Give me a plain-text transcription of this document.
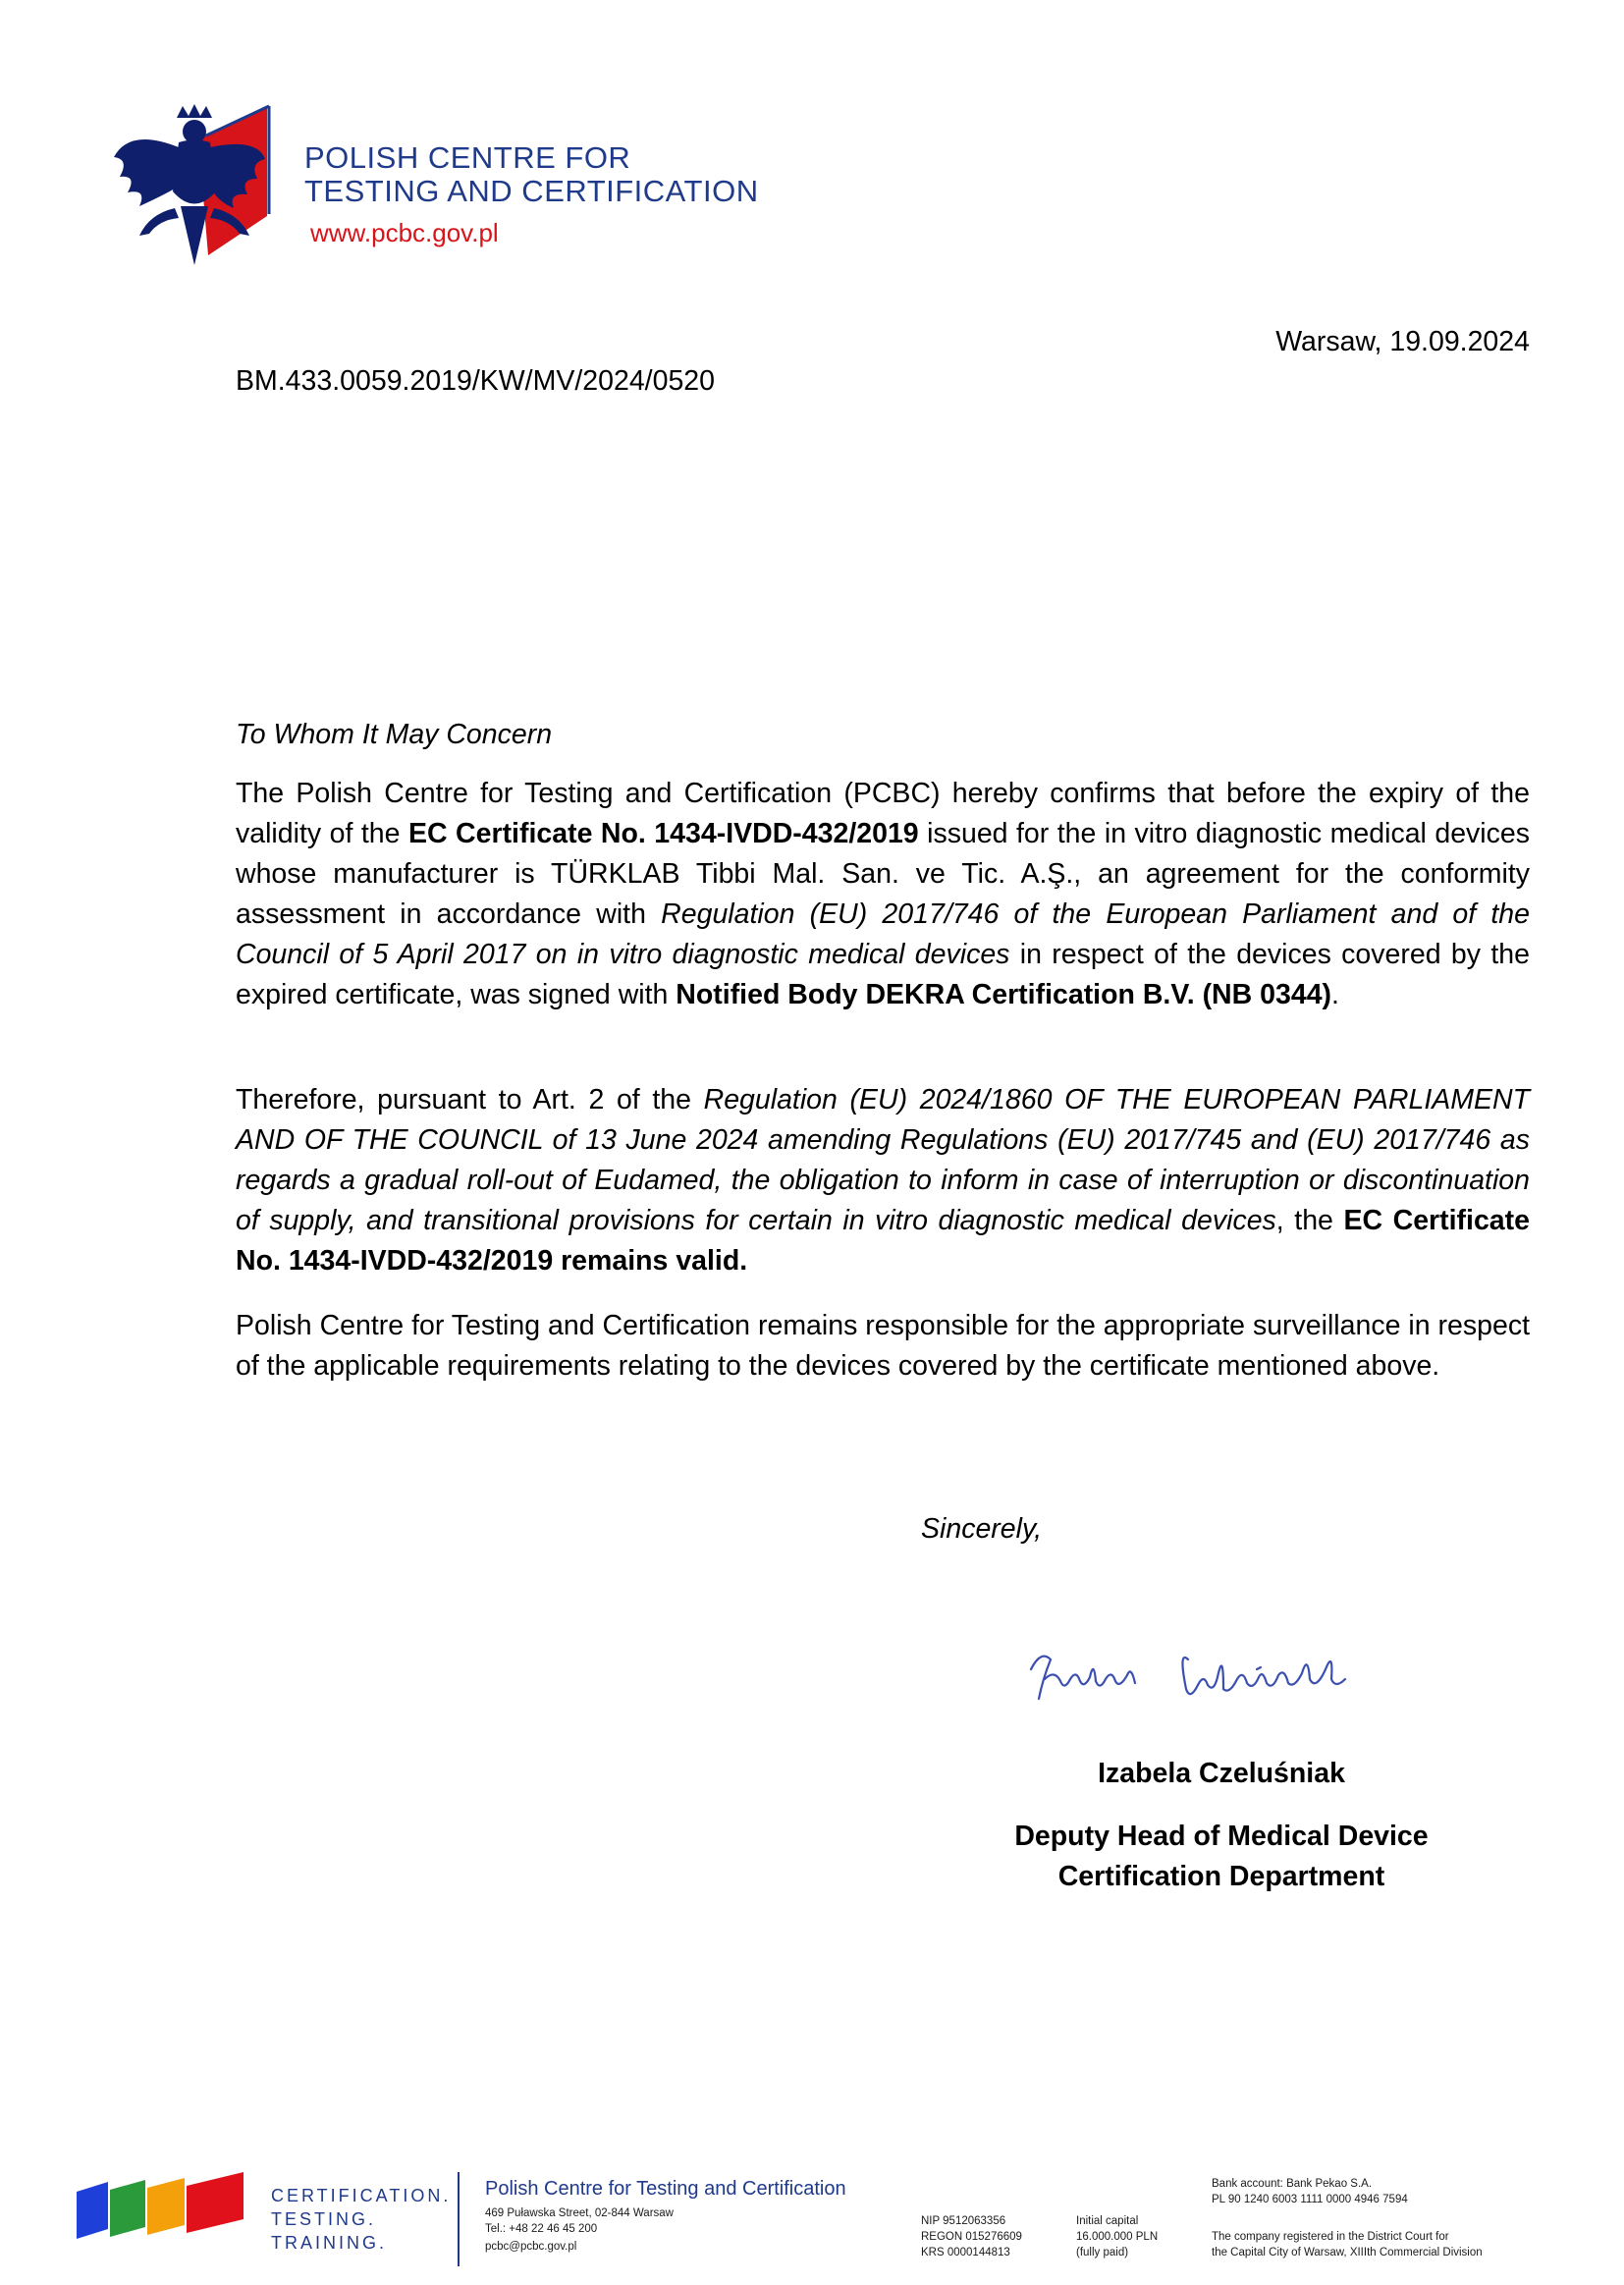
POLISH CENTRE FOR
TESTING AND CERTIFICATION
www.pcbc.gov.pl
Warsaw, 19.09.2024
BM.433.0059.2019/KW/MV/2024/0520
To Whom It May Concern
The Polish Centre for Testing and Certification (PCBC) hereby confirms that before the expiry of the validity of the EC Certificate No. 1434-IVDD-432/2019 issued for the in vitro diagnostic medical devices whose manufacturer is TÜRKLAB Tibbi Mal. San. ve Tic. A.Ş., an agreement for the conformity assessment in accordance with Regulation (EU) 2017/746 of the European Parliament and of the Council of 5 April 2017 on in vitro diagnostic medical devices in respect of the devices covered by the expired certificate, was signed with Notified Body DEKRA Certification B.V. (NB 0344).
Therefore, pursuant to Art. 2 of the Regulation (EU) 2024/1860 OF THE EUROPEAN PARLIAMENT AND OF THE COUNCIL of 13 June 2024 amending Regulations (EU) 2017/745 and (EU) 2017/746 as regards a gradual roll-out of Eudamed, the obligation to inform in case of interruption or discontinuation of supply, and transitional provisions for certain in vitro diagnostic medical devices, the EC Certificate No. 1434-IVDD-432/2019 remains valid.
Polish Centre for Testing and Certification remains responsible for the appropriate surveillance in respect of the applicable requirements relating to the devices covered by the certificate mentioned above.
Sincerely,
Izabela Czeluśniak
Deputy Head of Medical Device
Certification Department
CERTIFICATION.
TESTING.
TRAINING.
Polish Centre for Testing and Certification
469 Puławska Street, 02-844 Warsaw
Tel.: +48 22 46 45 200
pcbc@pcbc.gov.pl
NIP 9512063356
REGON 015276609
KRS 0000144813
Initial capital
16.000.000 PLN
(fully paid)
Bank account: Bank Pekao S.A.
PL 90 1240 6003 1111 0000 4946 7594
The company registered in the District Court for
the Capital City of Warsaw, XIIIth Commercial Division
